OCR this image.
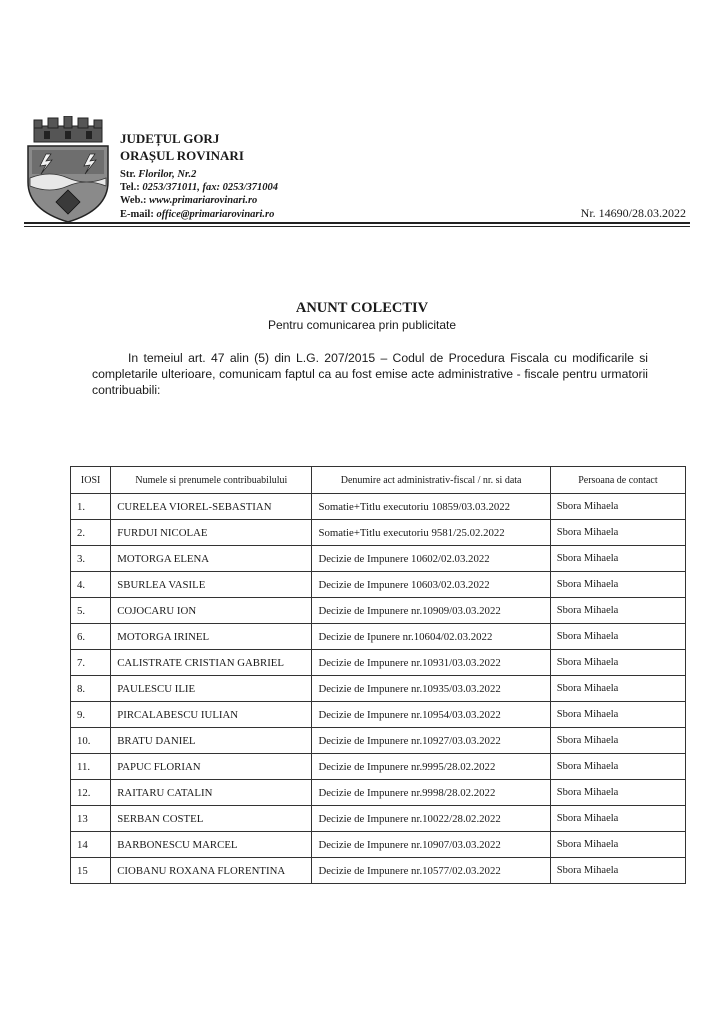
JUDEȚUL GORJ
ORAȘUL ROVINARI
Str. Florilor, Nr.2
Tel.: 0253/371011, fax: 0253/371004
Web.: www.primariarovinari.ro
E-mail: office@primariarovinari.ro	Nr. 14690/28.03.2022
ANUNT COLECTIV
Pentru comunicarea prin publicitate
In temeiul art. 47 alin (5) din L.G. 207/2015 – Codul de Procedura Fiscala cu modificarile si completarile ulterioare, comunicam faptul ca au fost emise acte administrative - fiscale pentru urmatorii contribuabili:
IOSI	Numele si prenumele contribuabilului	Denumire act administrativ-fiscal / nr. si data	Persoana de contact
1.	CURELEA VIOREL-SEBASTIAN	Somatie+Titlu executoriu 10859/03.03.2022	Sbora Mihaela
2.	FURDUI NICOLAE	Somatie+Titlu executoriu 9581/25.02.2022	Sbora Mihaela
3.	MOTORGA ELENA	Decizie de Impunere 10602/02.03.2022	Sbora Mihaela
4.	SBURLEA VASILE	Decizie de Impunere 10603/02.03.2022	Sbora Mihaela
5.	COJOCARU ION	Decizie de Impunere nr.10909/03.03.2022	Sbora Mihaela
6.	MOTORGA IRINEL	Decizie de Ipunere nr.10604/02.03.2022	Sbora Mihaela
7.	CALISTRATE CRISTIAN GABRIEL	Decizie de Impunere nr.10931/03.03.2022	Sbora Mihaela
8.	PAULESCU ILIE	Decizie de Impunere nr.10935/03.03.2022	Sbora Mihaela
9.	PIRCALABESCU IULIAN	Decizie de Impunere nr.10954/03.03.2022	Sbora Mihaela
10.	BRATU DANIEL	Decizie de Impunere nr.10927/03.03.2022	Sbora Mihaela
11.	PAPUC FLORIAN	Decizie de Impunere nr.9995/28.02.2022	Sbora Mihaela
12.	RAITARU CATALIN	Decizie de Impunere nr.9998/28.02.2022	Sbora Mihaela
13	SERBAN COSTEL	Decizie de Impunere nr.10022/28.02.2022	Sbora Mihaela
14	BARBONESCU MARCEL	Decizie de Impunere nr.10907/03.03.2022	Sbora Mihaela
15	CIOBANU ROXANA FLORENTINA	Decizie de Impunere nr.10577/02.03.2022	Sbora Mihaela
